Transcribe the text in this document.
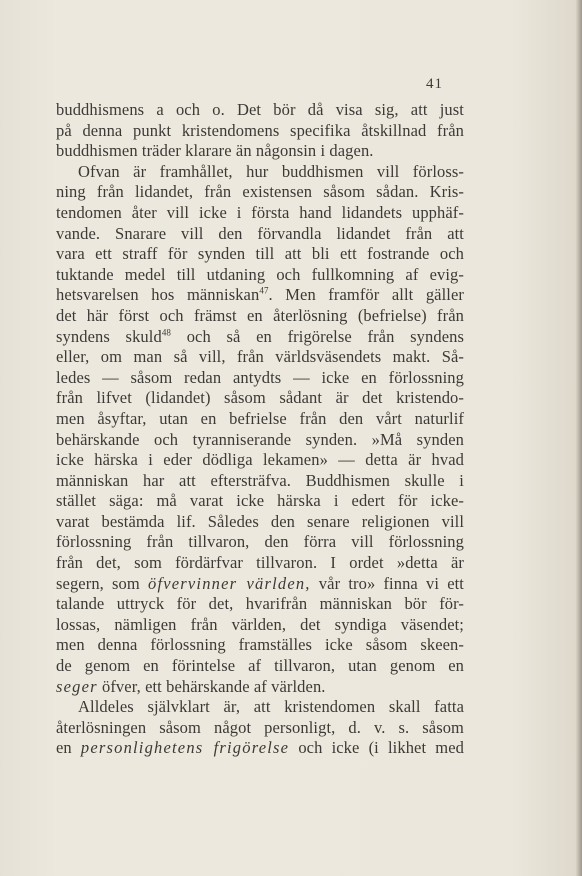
41
buddhismens a och o. Det bör då visa sig, att just
på denna punkt kristendomens specifika åtskillnad från
buddhismen träder klarare än någonsin i dagen.
Ofvan är framhållet, hur buddhismen vill förloss-
ning från lidandet, från existensen såsom sådan. Kris-
tendomen åter vill icke i första hand lidandets upphäf-
vande. Snarare vill den förvandla lidandet från att
vara ett straff för synden till att bli ett fostrande och
tuktande medel till utdaning och fullkomning af evig-
hetsvarelsen hos människan$^{47}$. Men framför allt gäller
det här först och främst en återlösning (befrielse) från
syndens skuld$^{48}$ och så en frigörelse från syndens
eller, om man så vill, från världsväsendets makt. Så-
ledes — såsom redan antydts — icke en förlossning
från lifvet (lidandet) såsom sådant är det kristendo-
men åsyftar, utan en befrielse från den vårt naturlif
behärskande och tyranniserande synden. »Må synden
icke härska i eder dödliga lekamen» — detta är hvad
människan har att eftersträfva. Buddhismen skulle i
stället säga: må varat icke härska i edert för icke-
varat bestämda lif. Således den senare religionen vill
förlossning från tillvaron, den förra vill förlossning
från det, som fördärfvar tillvaron. I ordet »detta är
segern, som öfvervinner världen, vår tro» finna vi ett
talande uttryck för det, hvarifrån människan bör för-
lossas, nämligen från världen, det syndiga väsendet;
men denna förlossning framställes icke såsom skeen-
de genom en förintelse af tillvaron, utan genom en
seger öfver, ett behärskande af världen.
Alldeles självklart är, att kristendomen skall fatta
återlösningen såsom något personligt, d. v. s. såsom
en personlighetens frigörelse och icke (i likhet med
